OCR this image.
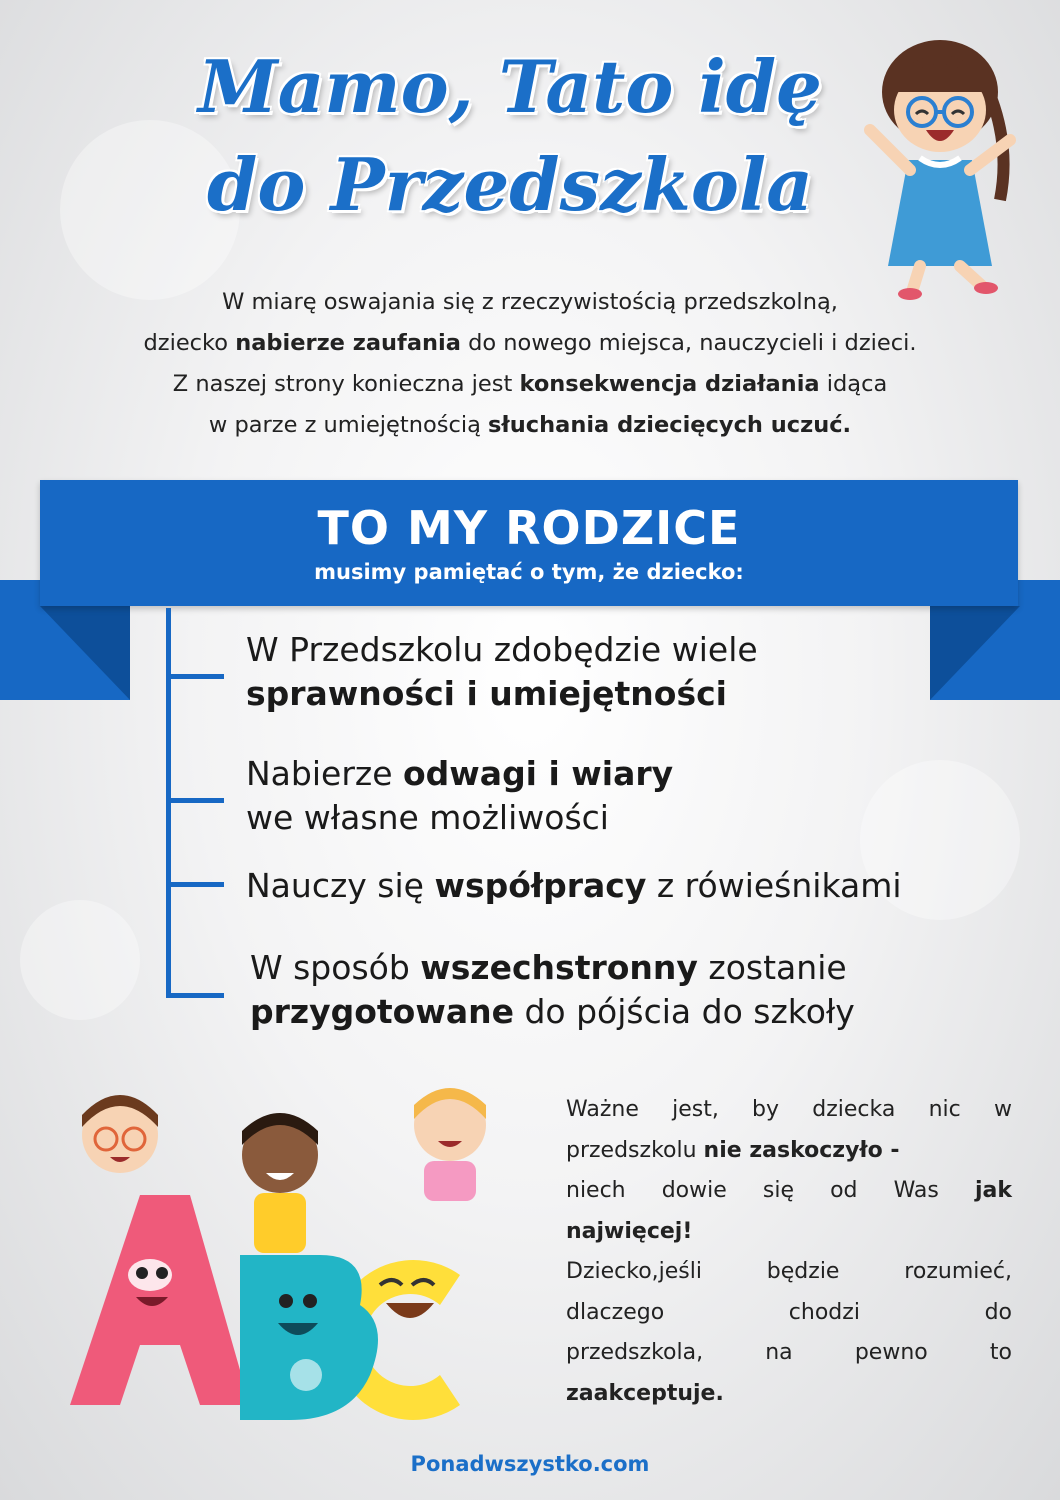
Mamo, Tato idę
do Przedszkola
W miarę oswajania się z rzeczywistością przedszkolną,
dziecko nabierze zaufania do nowego miejsca, nauczycieli i dzieci.
Z naszej strony konieczna jest konsekwencja działania idąca
w parze z umiejętnością słuchania dziecięcych uczuć.
TO MY RODZICE
musimy pamiętać o tym, że dziecko:
W Przedszkolu zdobędzie wiele
sprawności i umiejętności
Nabierze odwagi i wiary
we własne możliwości
Nauczy się współpracy z rówieśnikami
W sposób wszechstronny zostanie
przygotowane do pójścia do szkoły

Ważne jest, by dziecka nic w

przedszkolu nie zaskoczyło -

niech dowie się od Was jak

najwięcej!

Dziecko,jeśli będzie rozumieć,

dlaczego chodzi do

przedszkola, na pewno to

zaakceptuje.

Ponadwszystko.com
